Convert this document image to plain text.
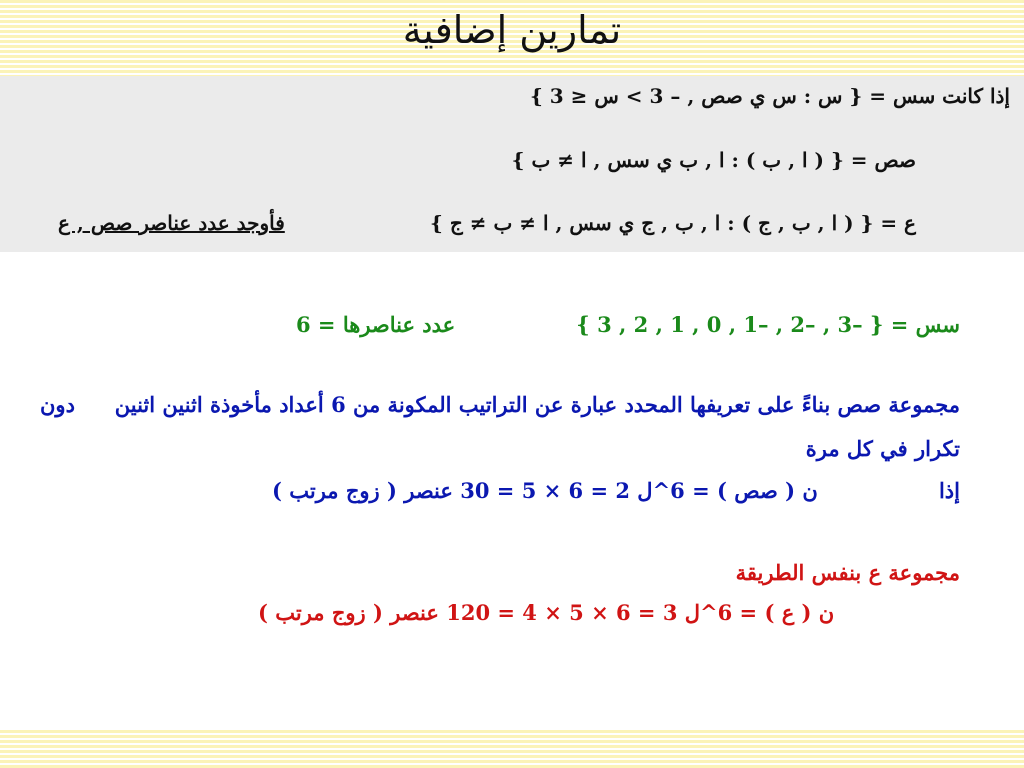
تمارين إضافية
إذا كانت سس = { س : س ي صص , – 3 > س ≤ 3 }
صص = { ( ا , ب ) : ا , ب ي سس , ا ≠ ب }
ع = { ( ا , ب , ج ) : ا , ب , ج ي سس , ا ≠ ب ≠ ج }
فأوجد عدد عناصر صص , ع
سس = { –3 , –2 , –1 , 0 , 1 , 2 , 3 }
عدد عناصرها = 6
مجموعة صص بناءً على تعريفها المحدد عبارة عن التراتيب المكونة من 6 أعداد مأخوذة اثنين اثنين
دون
تكرار في كل مرة
إذا
ن ( صص ) = 6^ل 2 = 6 × 5 = 30 عنصر ( زوج مرتب )
مجموعة ع بنفس الطريقة
ن ( ع ) = 6^ل 3 = 6 × 5 × 4 = 120 عنصر ( زوج مرتب )
